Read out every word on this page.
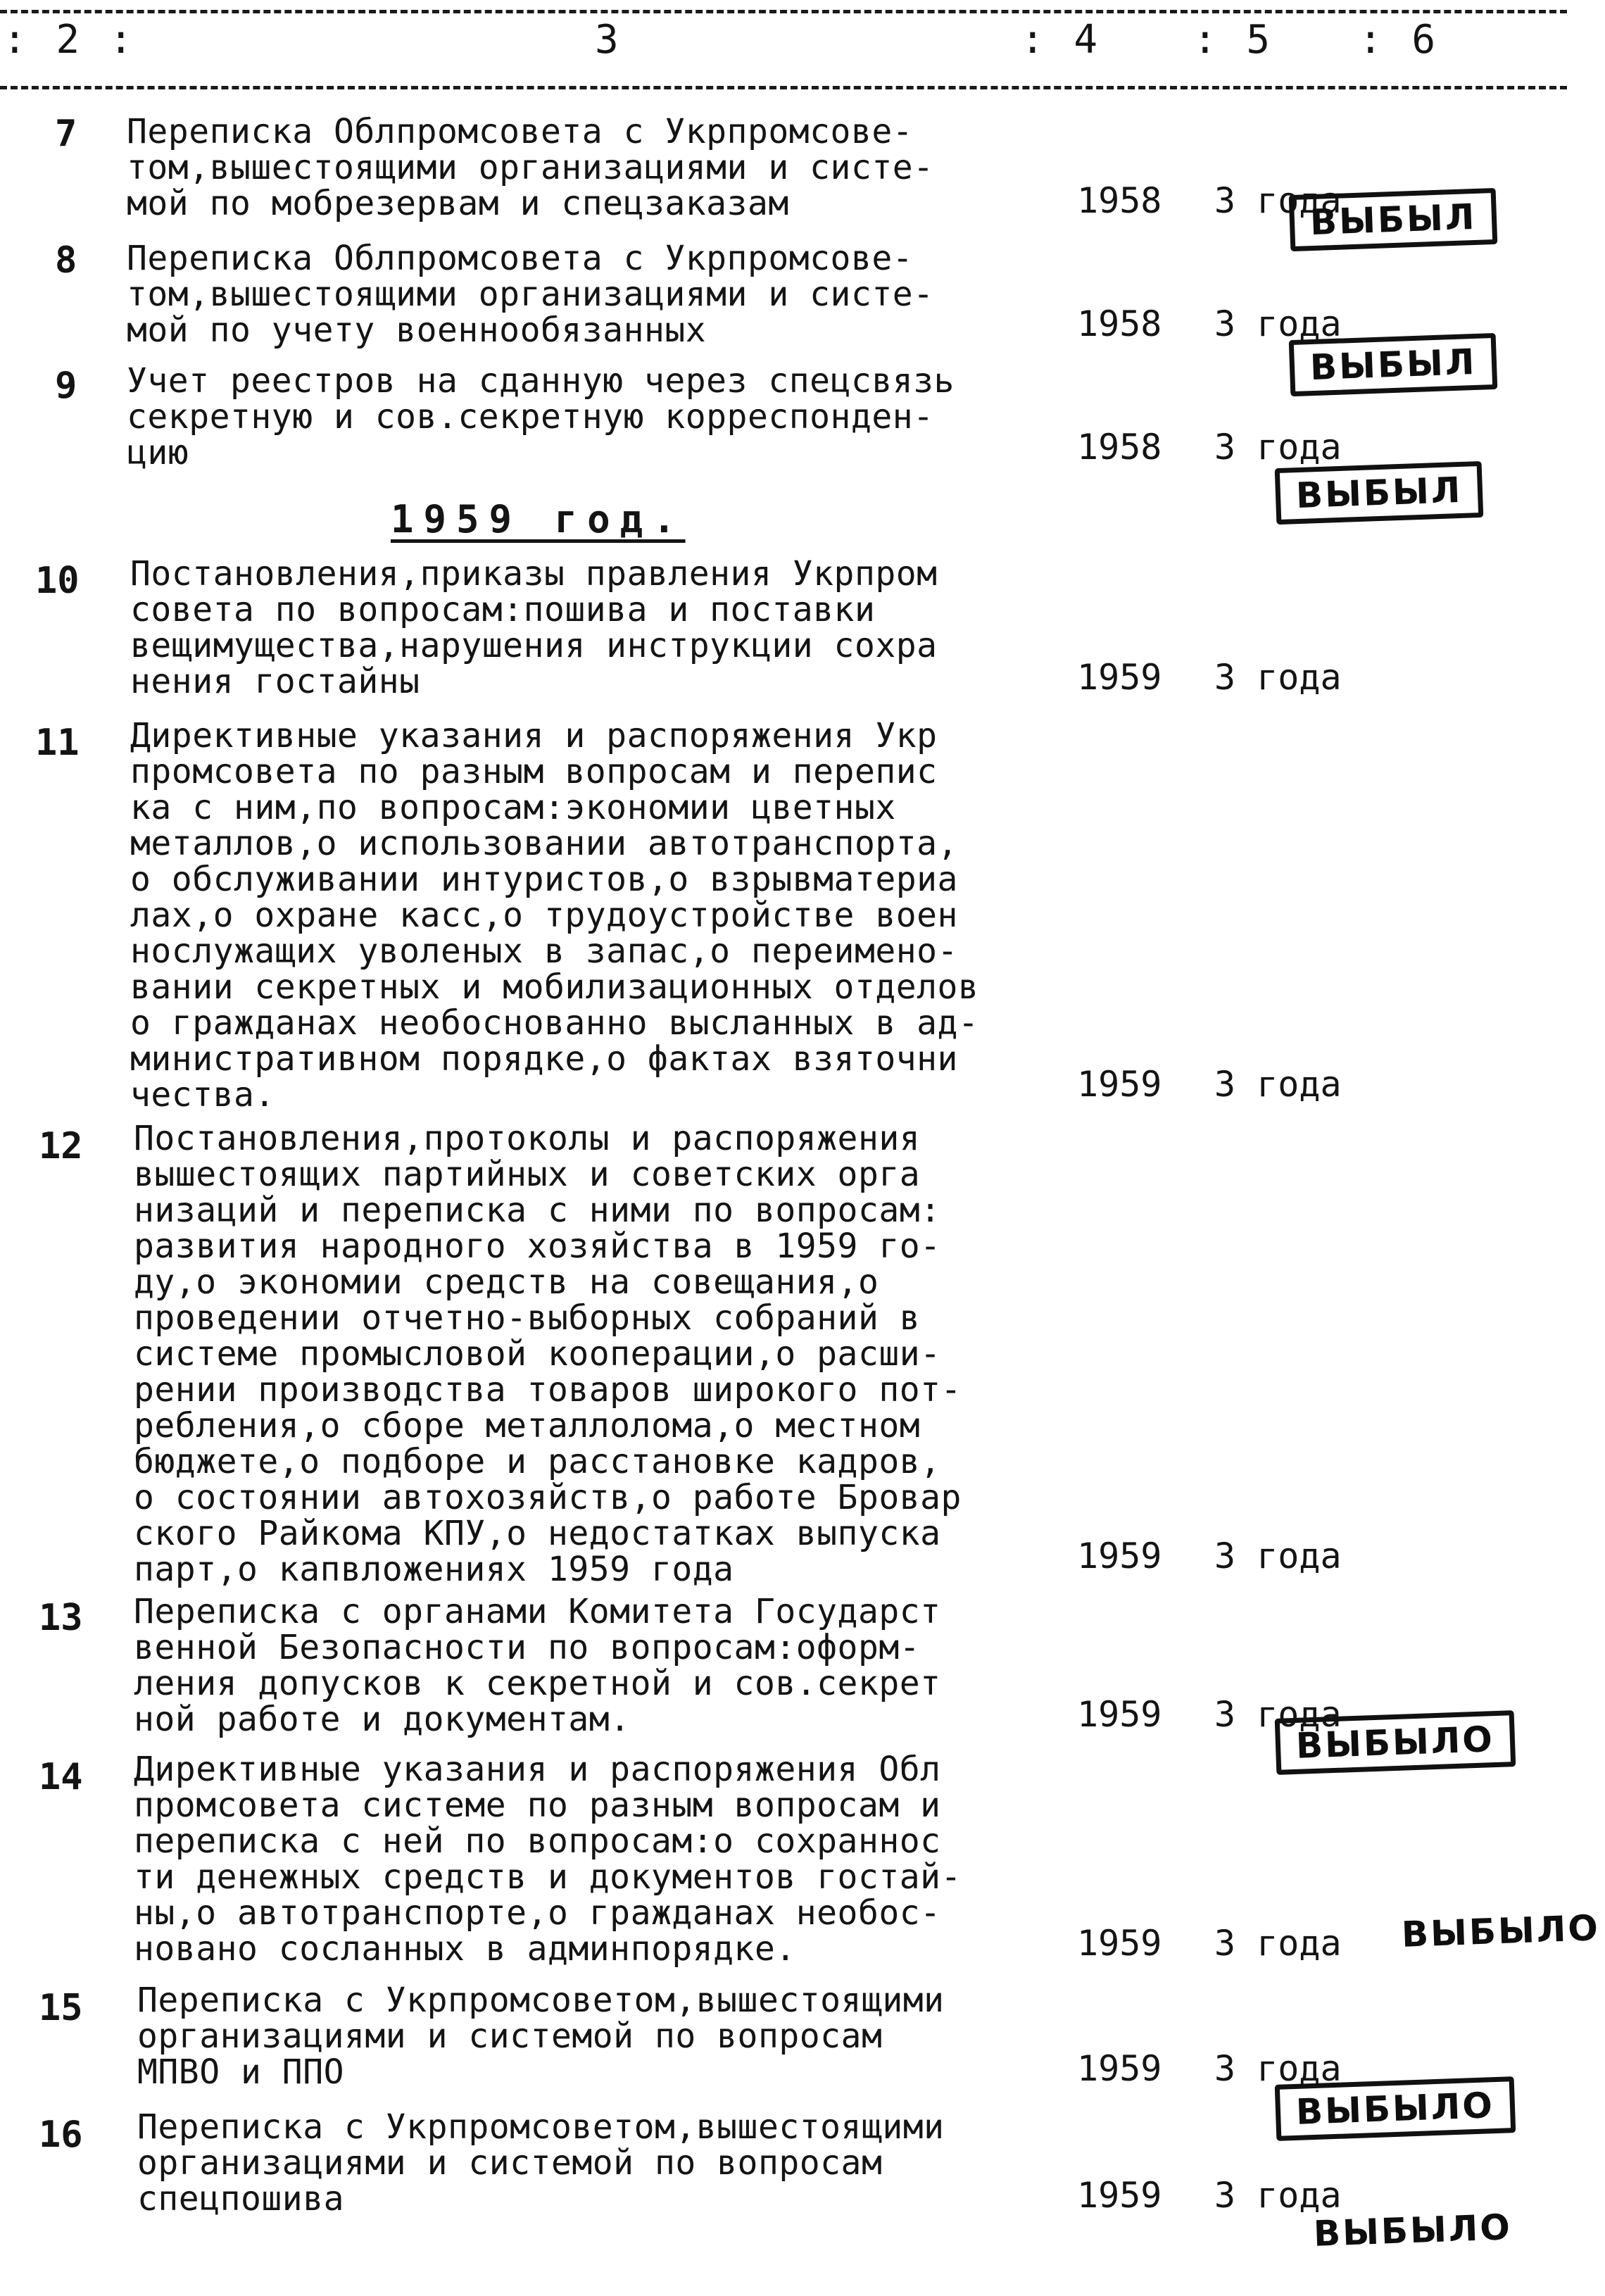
: 2 :	3	: 4 : 5 : 6
7 Переписка Облпромсовета с Укрпромсове-
том,вышестоящими организациями и систе-
мой по мобрезервам и спецзаказам	1958 3 года
ВЫБЫЛ
8 Переписка Облпромсовета с Укрпромсове-
том,вышестоящими организациями и систе-
мой по учету военнообязанных	1958 3 года
ВЫБЫЛ
9 Учет реестров на сданную через спецсвязь
секретную и сов.секретную корреспонден-
цию	1958 3 года
ВЫБЫЛ
1959 год.
10 Постановления,приказы правления Укрпром
совета по вопросам:пошива и поставки
вещимущества,нарушения инструкции сохра
нения гостайны	1959 3 года
11 Директивные указания и распоряжения Укр
промсовета по разным вопросам и перепис
ка с ним,по вопросам:экономии цветных
металлов,о использовании автотранспорта,
о обслуживании интуристов,о взрывматериа
лах,о охране касс,о трудоустройстве воен
нослужащих уволеных в запас,о переимено-
вании секретных и мобилизационных отделов
о гражданах необоснованно высланных в ад-
министративном порядке,о фактах взяточни
чества.	1959 3 года
12 Постановления,протоколы и распоряжения
вышестоящих партийных и советских орга
низаций и переписка с ними по вопросам:
развития народного хозяйства в 1959 го-
ду,о экономии средств на совещания,о
проведении отчетно-выборных собраний в
системе промысловой кооперации,о расши-
рении производства товаров широкого пот-
ребления,о сборе металлолома,о местном
бюджете,о подборе и расстановке кадров,
о состоянии автохозяйств,о работе Бровар
ского Райкома КПУ,о недостатках выпуска
парт,о капвложениях 1959 года	1959 3 года
13 Переписка с органами Комитета Государст
венной Безопасности по вопросам:оформ-
ления допусков к секретной и сов.секрет
ной работе и документам.	1959 3 года
ВЫБЫЛО
14 Директивные указания и распоряжения Обл
промсовета системе по разным вопросам и
переписка с ней по вопросам:о сохраннос
ти денежных средств и документов гостай-
ны,о автотранспорте,о гражданах необос-
новано сосланных в админпорядке.	1959 3 года ВЫБЫЛО
15 Переписка с Укрпромсоветом,вышестоящими
организациями и системой по вопросам
МПВО и ППО	1959 3 года
ВЫБЫЛО
16 Переписка с Укрпромсоветом,вышестоящими
организациями и системой по вопросам
спецпошива	1959 3 года
ВЫБЫЛО
